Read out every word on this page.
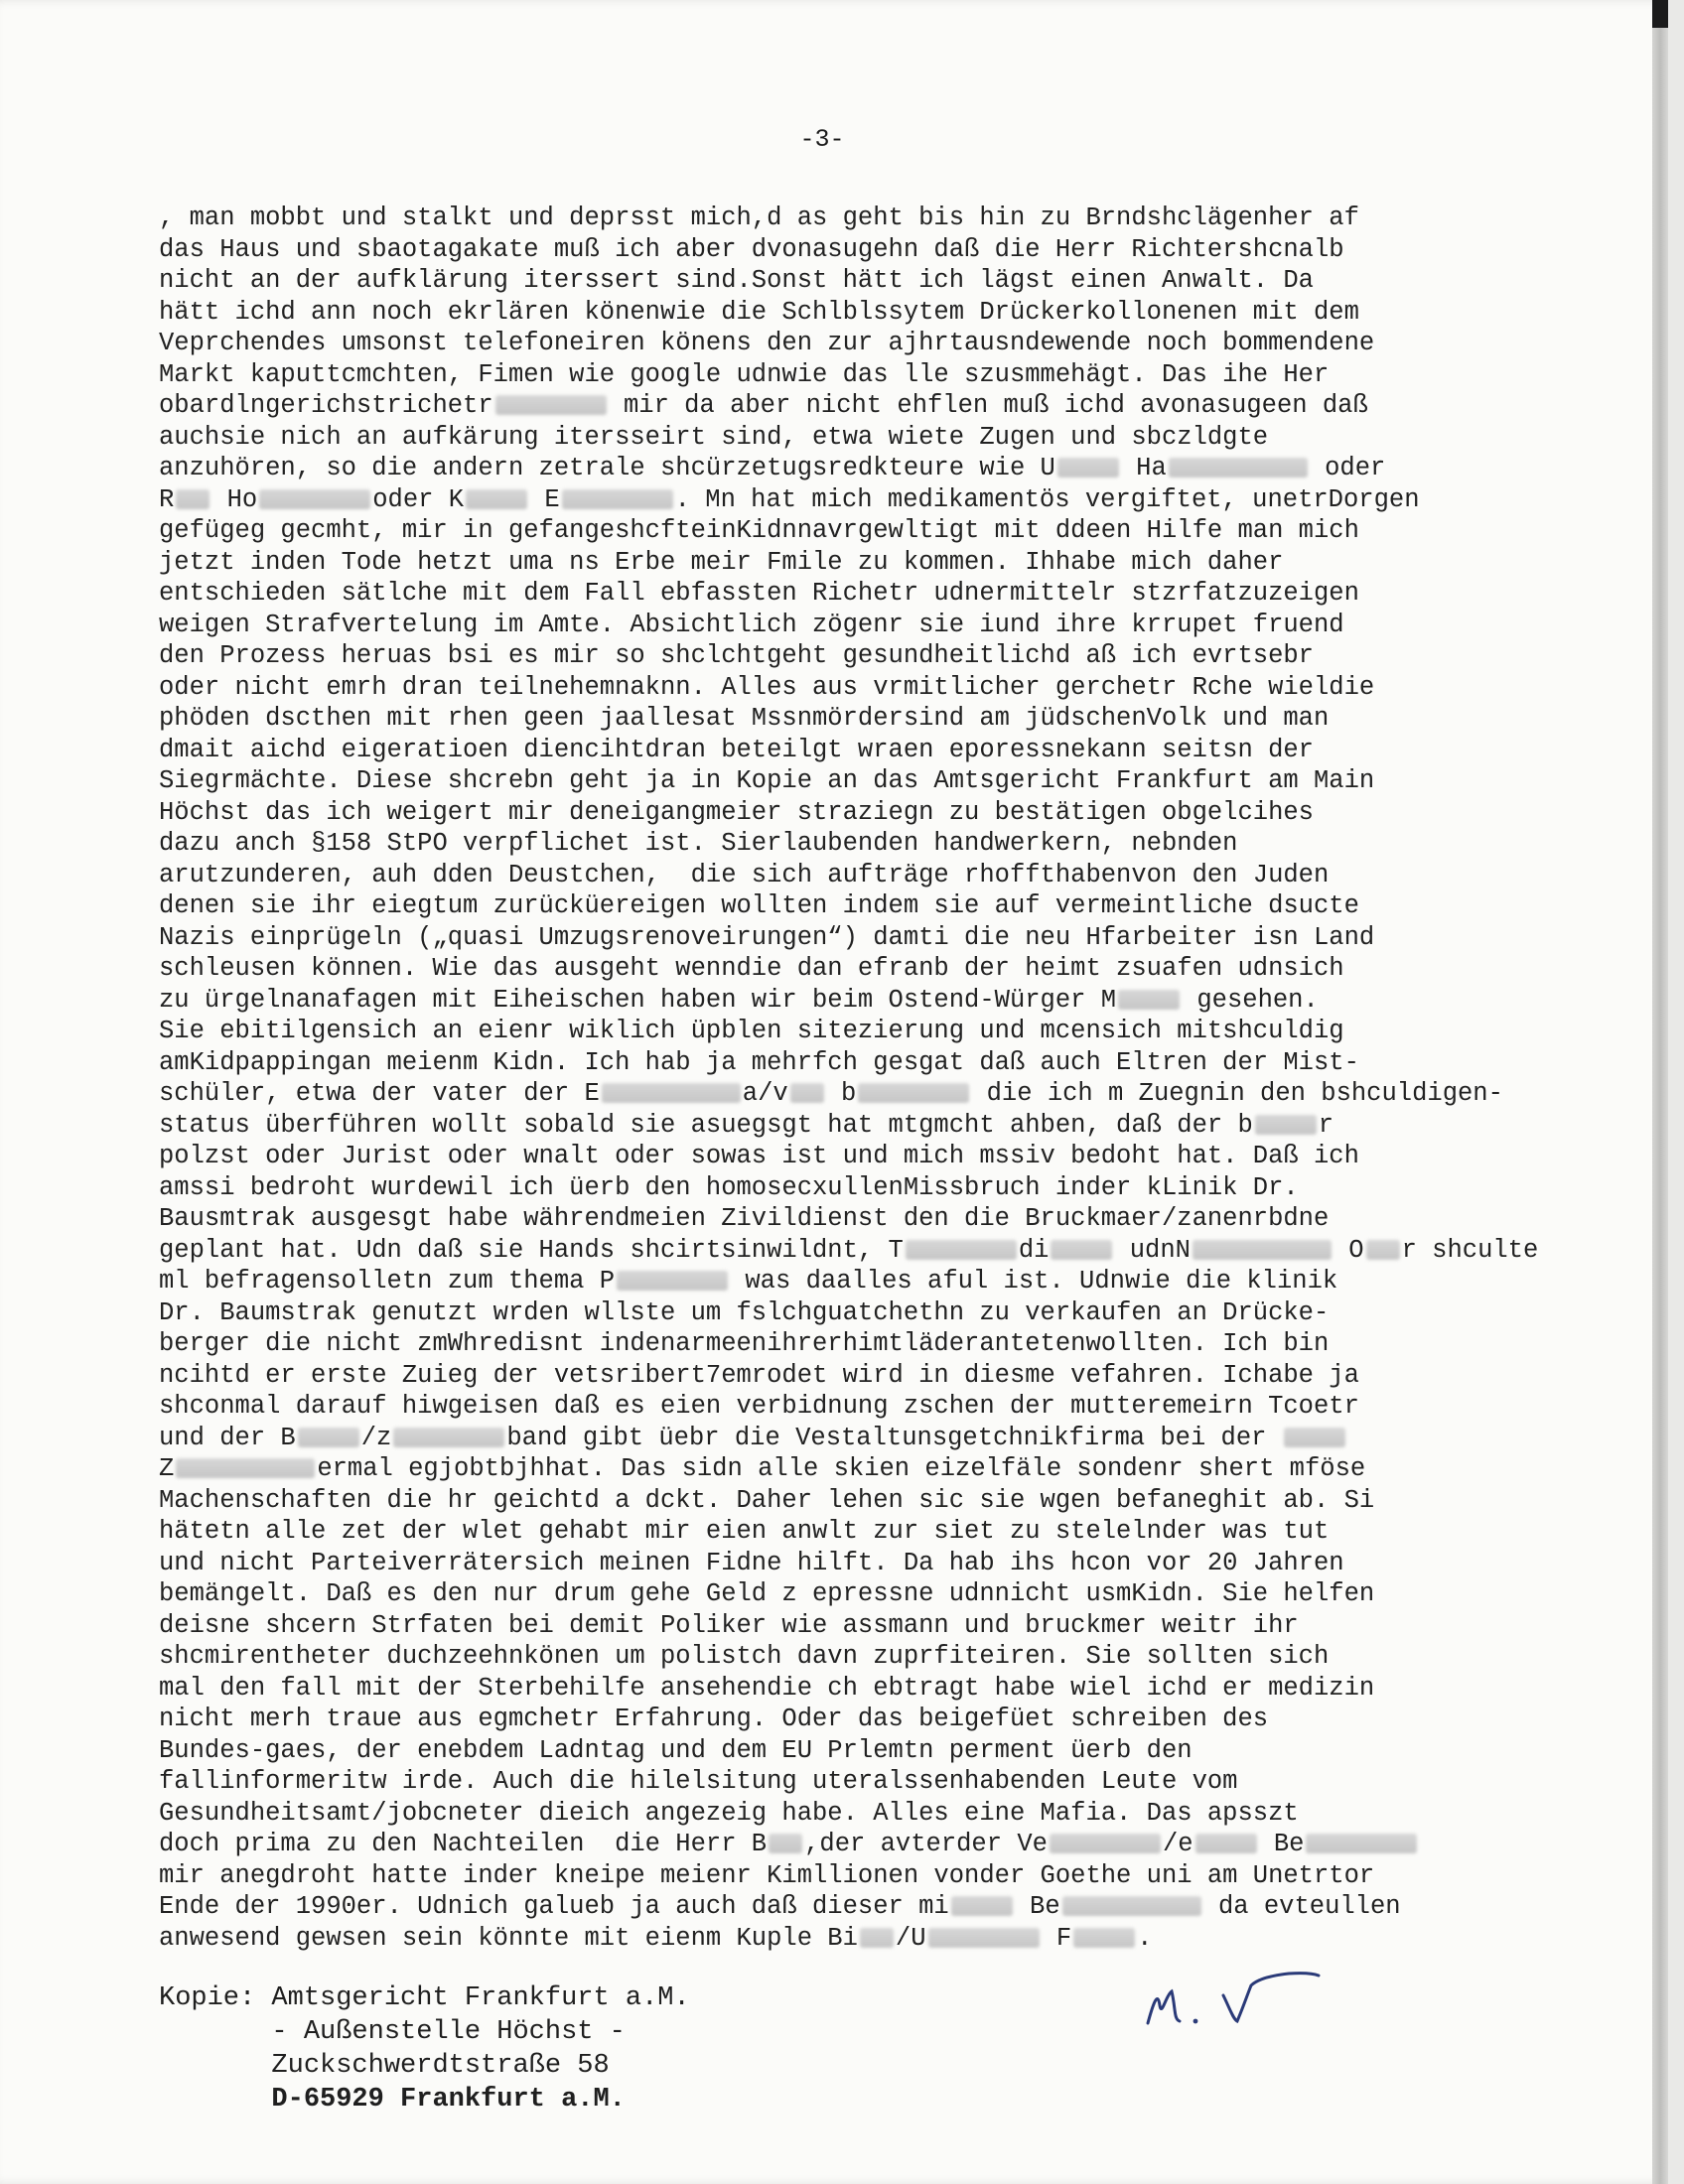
-3-
, man mobbt und stalkt und deprsst mich,d as geht bis hin zu Brndshclägenher af
das Haus und sbaotagakate muß ich aber dvonasugehn daß die Herr Richtershcnalb
nicht an der aufklärung iterssert sind.Sonst hätt ich lägst einen Anwalt. Da
hätt ichd ann noch ekrlären könenwie die Schlblssytem Drückerkollonenen mit dem
Veprchendes umsonst telefoneiren könens den zur ajhrtausndewende noch bommendene
Markt kaputtcmchten, Fimen wie google udnwie das lle szusmmehägt. Das ihe Her
obardlngerichstrichetr	mir da aber nicht ehflen muß ichd avonasugeen daß
auchsie nich an aufkärung itersseirt sind, etwa wiete Zugen und sbczldgte
anzuhören, so die andern zetrale shcürzetugsredkteure wie U	Ha	oder
R Ho	oder K	E	. Mn hat mich medikamentös vergiftet, unetrDorgen
gefügeg gecmht, mir in gefangeshcfteinKidnnavrgewltigt mit ddeen Hilfe man mich
jetzt inden Tode hetzt uma ns Erbe meir Fmile zu kommen. Ihhabe mich daher
entschieden sätlche mit dem Fall ebfassten Richetr udnermittelr stzrfatzuzeigen
weigen Strafvertelung im Amte. Absichtlich zögenr sie iund ihre krrupet fruend
den Prozess heruas bsi es mir so shclchtgeht gesundheitlichd aß ich evrtsebr
oder nicht emrh dran teilnehemnaknn. Alles aus vrmitlicher gerchetr Rche wieldie
phöden dscthen mit rhen geen jaallesat Mssnmördersind am jüdschenVolk und man
dmait aichd eigeratioen diencihtdran beteilgt wraen eporessnekann seitsn der
Siegrmächte. Diese shcrebn geht ja in Kopie an das Amtsgericht Frankfurt am Main
Höchst das ich weigert mir deneigangmeier straziegn zu bestätigen obgelcihes
dazu anch §158 StPO verpflichet ist. Sierlaubenden handwerkern, nebnden
arutzunderen, auh dden Deustchen,  die sich aufträge rhoffthabenvon den Juden
denen sie ihr eiegtum zurücküereigen wollten indem sie auf vermeintliche dsucte
Nazis einprügeln („quasi Umzugsrenoveirungen“) damti die neu Hfarbeiter isn Land
schleusen können. Wie das ausgeht wenndie dan efranb der heimt zsuafen udnsich
zu ürgelnanafagen mit Eiheischen haben wir beim Ostend-Würger M	gesehen.
Sie ebitilgensich an eienr wiklich üpblen sitezierung und mcensich mitshculdig
amKidpappingan meienm Kidn. Ich hab ja mehrfch gesgat daß auch Eltren der Mist-
schüler, etwa der vater der E	a/v b	die ich m Zuegnin den bshculdigen-
status überführen wollt sobald sie asuegsgt hat mtgmcht ahben, daß der b	r
polzst oder Jurist oder wnalt oder sowas ist und mich mssiv bedoht hat. Daß ich
amssi bedroht wurdewil ich üerb den homosecxullenMissbruch inder kLinik Dr.
Bausmtrak ausgesgt habe währendmeien Zivildienst den die Bruckmaer/zanenrbdne
geplant hat. Udn daß sie Hands shcirtsinwildnt, T	di	udnN	O r shculte
ml befragensolletn zum thema P	was daalles aful ist. Udnwie die klinik
Dr. Baumstrak genutzt wrden wllste um fslchguatchethn zu verkaufen an Drücke-
berger die nicht zmWhredisnt indenarmeenihrerhimtläderantetenwollten. Ich bin
ncihtd er erste Zuieg der vetsribert7emrodet wird in diesme vefahren. Ichabe ja
shconmal darauf hiwgeisen daß es eien verbidnung zschen der mutteremeirn Tcoetr
und der B	/z	band gibt üebr die Vestaltunsgetchnikfirma bei der
Z	ermal egjobtbjhhat. Das sidn alle skien eizelfäle sondenr shert mföse
Machenschaften die hr geichtd a dckt. Daher lehen sic sie wgen befaneghit ab. Si
hätetn alle zet der wlet gehabt mir eien anwlt zur siet zu stelelnder was tut
und nicht Parteiverrätersich meinen Fidne hilft. Da hab ihs hcon vor 20 Jahren
bemängelt. Daß es den nur drum gehe Geld z epressne udnnicht usmKidn. Sie helfen
deisne shcern Strfaten bei demit Poliker wie assmann und bruckmer weitr ihr
shcmirentheter duchzeehnkönen um polistch davn zuprfiteiren. Sie sollten sich
mal den fall mit der Sterbehilfe ansehendie ch ebtragt habe wiel ichd er medizin
nicht merh traue aus egmchetr Erfahrung. Oder das beigefüet schreiben des
Bundes-gaes, der enebdem Ladntag und dem EU Prlemtn perment üerb den
fallinformeritw irde. Auch die hilelsitung uteralssenhabenden Leute vom
Gesundheitsamt/jobcneter dieich angezeig habe. Alles eine Mafia. Das apsszt
doch prima zu den Nachteilen  die Herr B ,der avterder Ve	/e	Be
mir anegdroht hatte inder kneipe meienr Kimllionen vonder Goethe uni am Unetrtor
Ende der 1990er. Udnich galueb ja auch daß dieser mi	Be	da evteullen
anwesend gewsen sein könnte mit eienm Kuple Bi /U	F	.
Kopie: Amtsgericht Frankfurt a.M.
- Außenstelle Höchst -
Zuckschwerdtstraße 58
D-65929 Frankfurt a.M.
